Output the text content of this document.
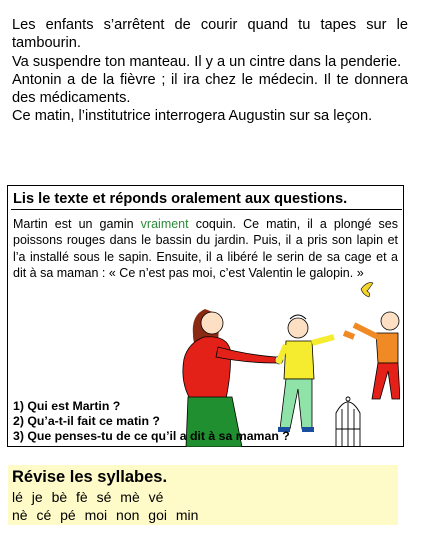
Les enfants s’arrêtent de courir quand tu tapes sur le tambourin.

Va suspendre ton manteau. Il y a un cintre dans la penderie.

Antonin a de la fièvre ; il ira chez le médecin. Il te donnera des médicaments.

Ce matin, l’institutrice interrogera Augustin sur sa leçon.

Lis le texte et réponds oralement aux questions.

Martin est un gamin vraiment coquin. Ce matin, il a plongé ses poissons rouges dans le bassin du jardin. Puis, il a pris son lapin et l’a installé sous le sapin. Ensuite, il a libéré le serin de sa cage et a dit à sa maman : « Ce n’est pas moi, c’est Valentin le galopin. »

1) Qui est Martin ?
2) Qu’a-t-il fait ce matin ?
3) Que penses-tu de ce qu’il a dit à sa maman ?
Révise les syllabes.
lé je bè fè sé mè vé
nè cé pé moi non goi min
